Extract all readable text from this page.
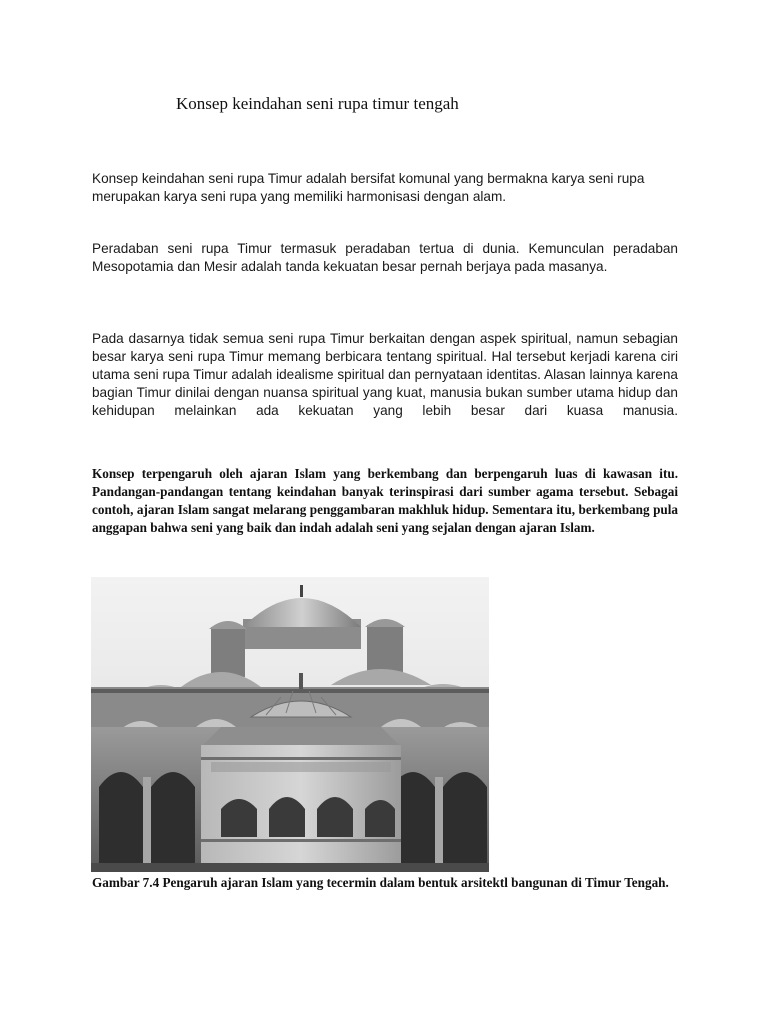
Konsep keindahan seni rupa timur tengah
Konsep keindahan seni rupa Timur adalah bersifat komunal yang bermakna karya seni rupa merupakan karya seni rupa yang memiliki harmonisasi dengan alam.
Peradaban seni rupa Timur termasuk peradaban tertua di dunia. Kemunculan peradaban Mesopotamia dan Mesir adalah tanda kekuatan besar pernah berjaya pada masanya.
Pada dasarnya tidak semua seni rupa Timur berkaitan dengan aspek spiritual, namun sebagian besar karya seni rupa Timur memang berbicara tentang spiritual. Hal tersebut kerjadi karena ciri utama seni rupa Timur adalah idealisme spiritual dan pernyataan identitas. Alasan lainnya karena bagian Timur dinilai dengan nuansa spiritual yang kuat, manusia bukan sumber utama hidup dan kehidupan melainkan ada kekuatan yang lebih besar dari kuasa manusia.
Konsep terpengaruh oleh ajaran Islam yang berkembang dan berpengaruh luas di kawasan itu. Pandangan-pandangan tentang keindahan banyak terinspirasi dari sumber agama tersebut. Sebagai contoh, ajaran Islam sangat melarang penggambaran makhluk hidup. Sementara itu, berkembang pula anggapan bahwa seni yang baik dan indah adalah seni yang sejalan dengan ajaran Islam.
Gambar 7.4 Pengaruh ajaran Islam yang tecermin dalam bentuk arsitektl bangunan di Timur Tengah.
